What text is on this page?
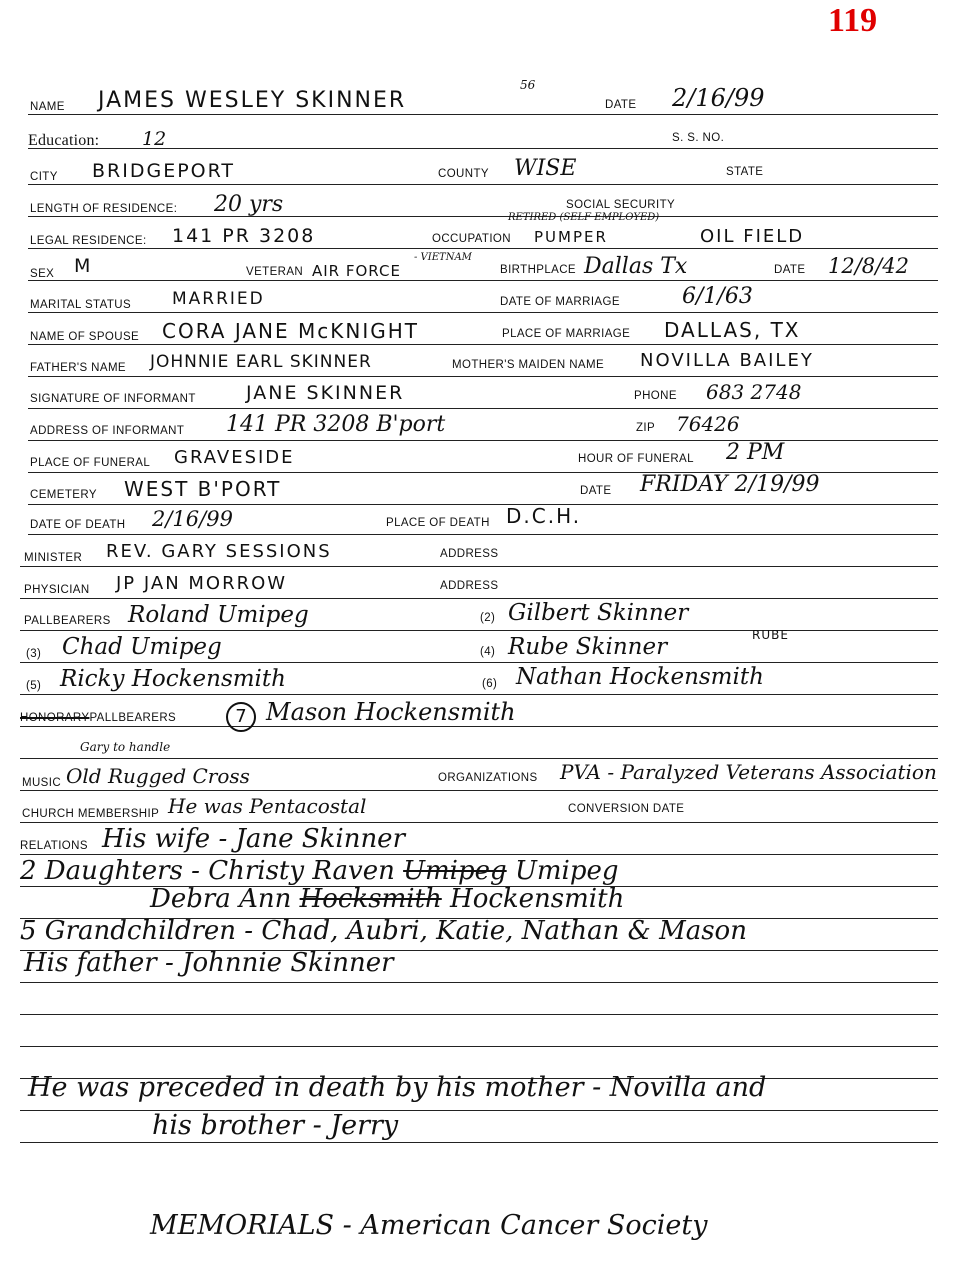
119
NAME JAMES WESLEY SKINNER
56
DATE 2/16/99
Education: 12	S. S. NO.
CITY BRIDGEPORT	COUNTY WISE	STATE
LENGTH OF RESIDENCE: 20 yrs	SOCIAL SECURITY
LEGAL RESIDENCE: 141 PR 3208
RETIRED (SELF EMPLOYED)
OCCUPATION PUMPER	OIL FIELD
SEX M	VETERAN AIR FORCE
- VIETNAM
BIRTHPLACE Dallas Tx	DATE 12/8/42
MARITAL STATUS MARRIED	DATE OF MARRIAGE	6/1/63
NAME OF SPOUSE CORA JANE McKNIGHT	PLACE OF MARRIAGE DALLAS, TX
FATHER'S NAME JOHNNIE EARL SKINNER	MOTHER'S MAIDEN NAME NOVILLA BAILEY
SIGNATURE OF INFORMANT	JANE SKINNER	PHONE 683 2748
ADDRESS OF INFORMANT 141 PR 3208 B'port	ZIP 76426
PLACE OF FUNERAL GRAVESIDE	HOUR OF FUNERAL 2 PM
CEMETERY WEST B'PORT	DATE FRIDAY 2/19/99
DATE OF DEATH 2/16/99	PLACE OF DEATH D.C.H.
MINISTER REV. GARY SESSIONS	ADDRESS
PHYSICIAN JP JAN MORROW	ADDRESS
PALLBEARERS Roland Umipeg	(2) Gilbert Skinner
(3) Chad Umipeg	(4) Rube Skinner	RUBE
(5) Ricky Hockensmith	(6) Nathan Hockensmith
HONORARYPALLBEARERS	7 Mason Hockensmith
Gary to handle
MUSIC Old Rugged Cross	ORGANIZATIONS PVA - Paralyzed Veterans Association
CHURCH MEMBERSHIP He was Pentacostal	CONVERSION DATE
RELATIONS His wife - Jane Skinner
2 Daughters - Christy Raven Umipeg Umipeg
Debra Ann Hocksmith Hockensmith
5 Grandchildren - Chad, Aubri, Katie, Nathan & Mason
His father - Johnnie Skinner
He was preceded in death by his mother - Novilla and
his brother - Jerry
MEMORIALS - American Cancer Society
